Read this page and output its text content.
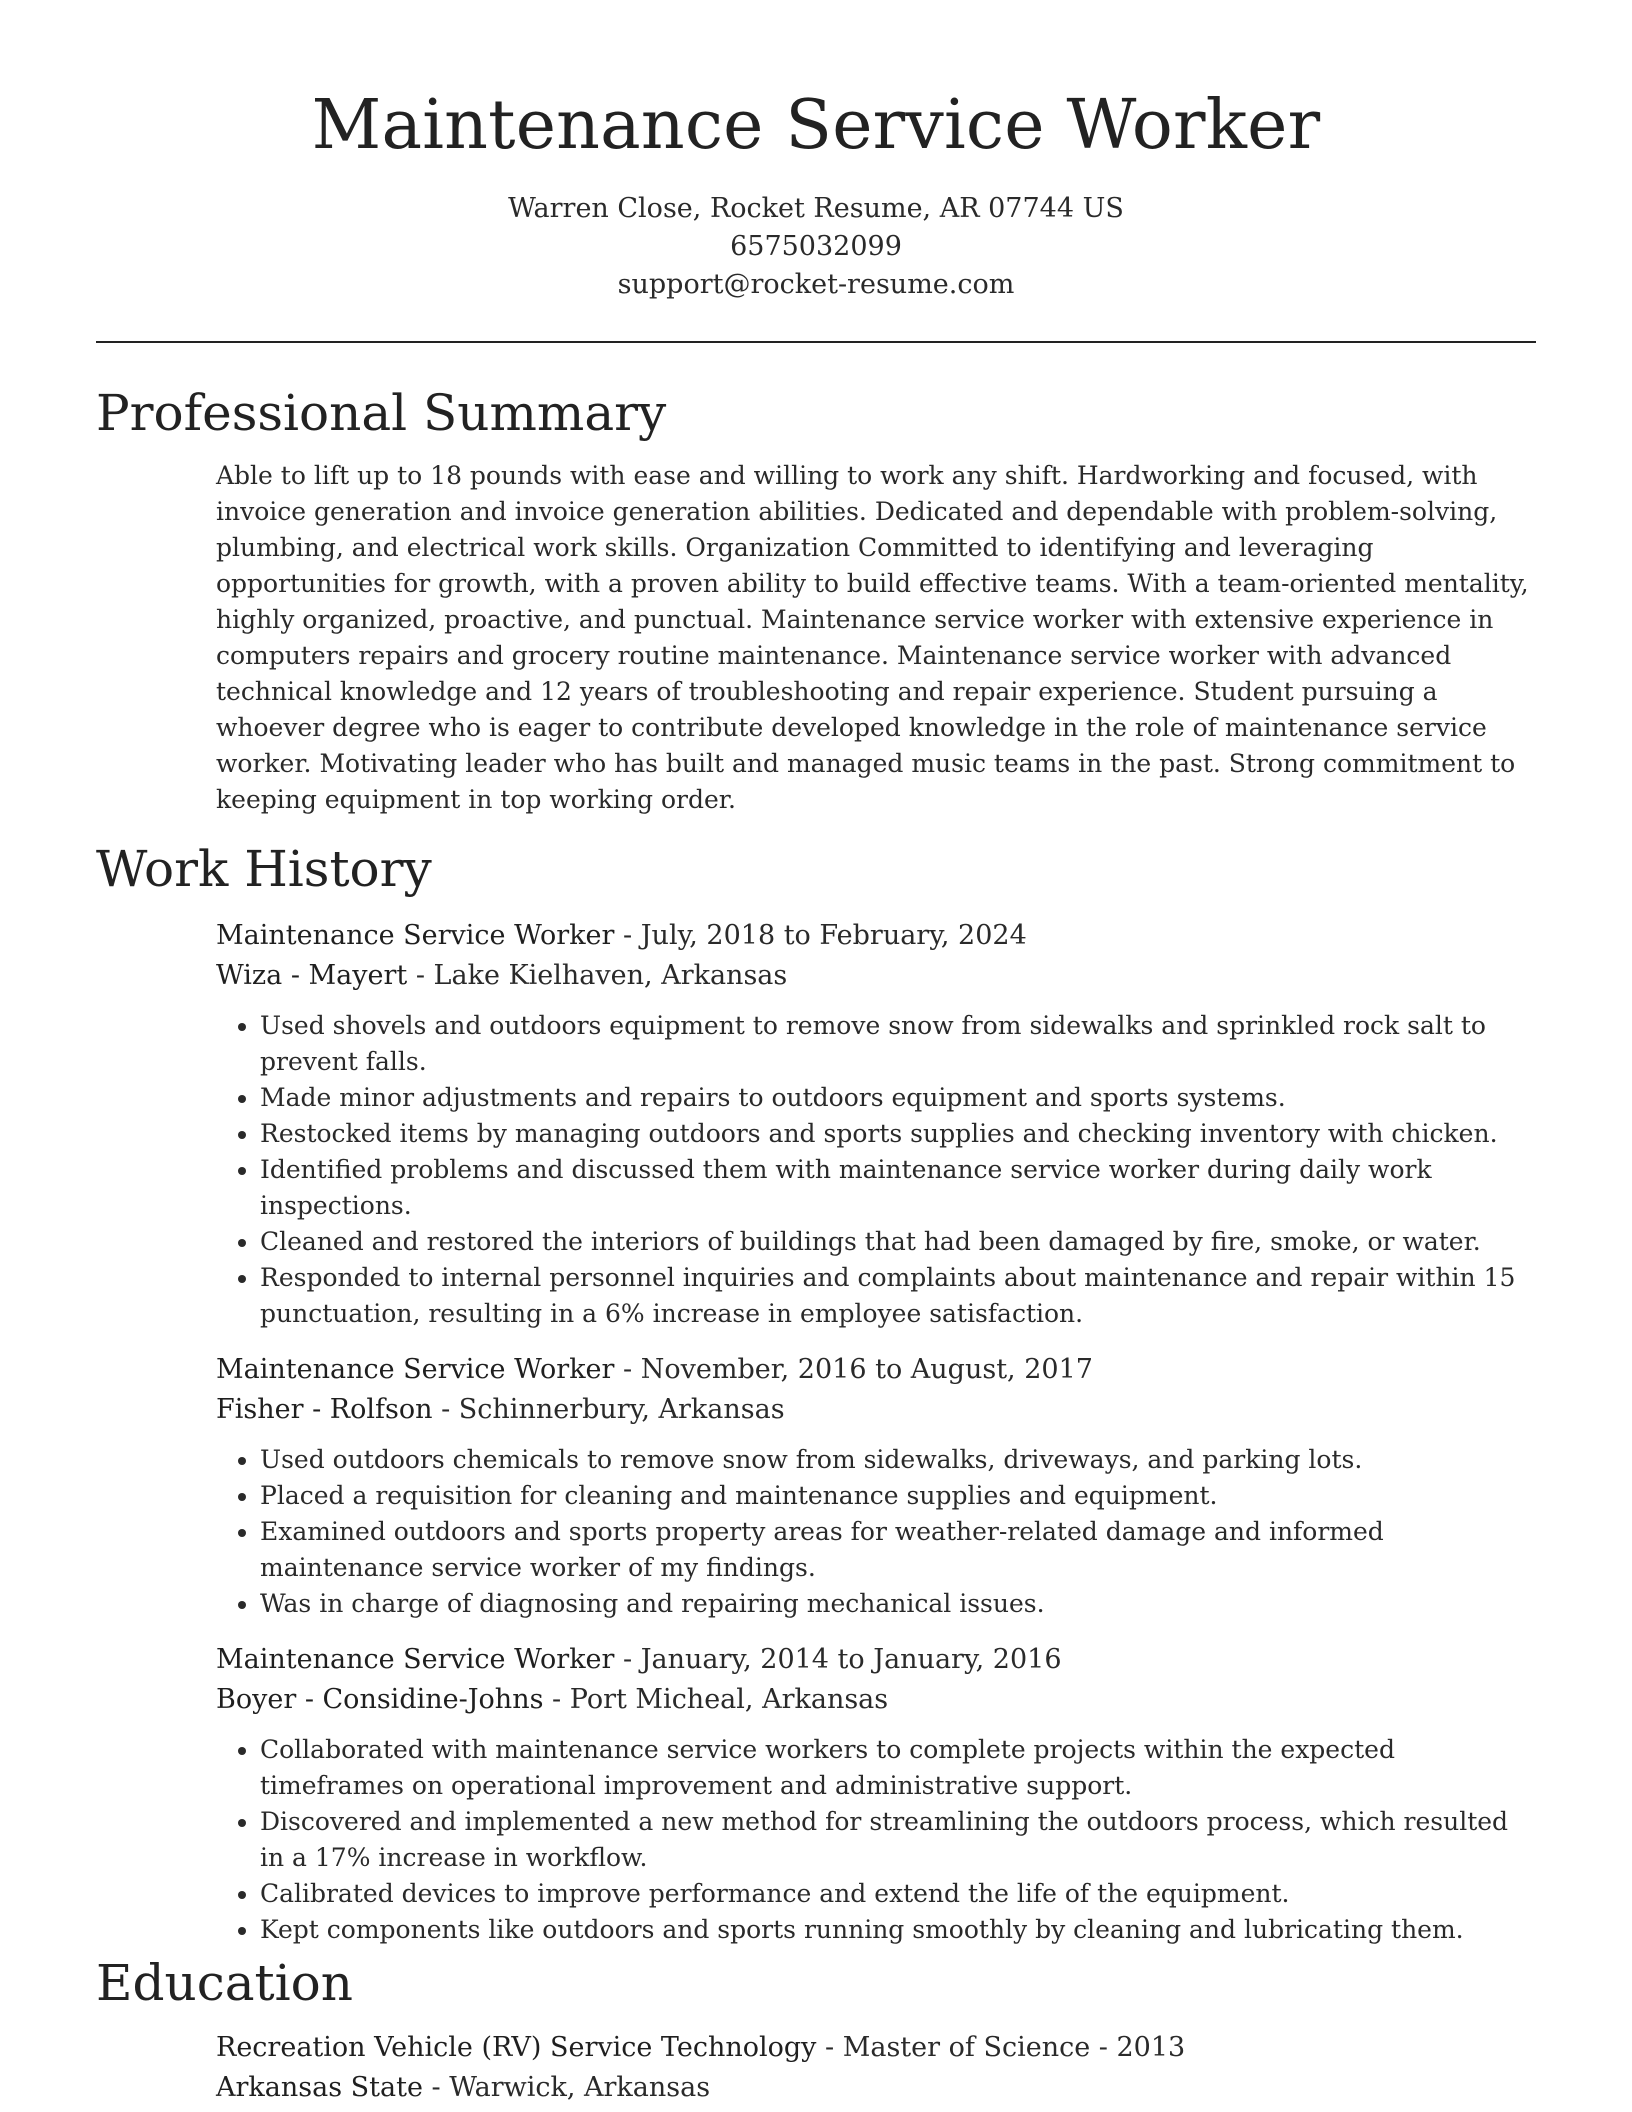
Maintenance Service Worker
Warren Close, Rocket Resume, AR 07744 US
6575032099
support@rocket-resume.com
Professional Summary

Able to lift up to 18 pounds with ease and willing to work any shift. Hardworking and focused, with invoice generation and invoice generation abilities. Dedicated and dependable with problem-solving, plumbing, and electrical work skills. Organization Committed to identifying and leveraging opportunities for growth, with a proven ability to build effective teams. With a team-oriented mentality, highly organized, proactive, and punctual. Maintenance service worker with extensive experience in computers repairs and grocery routine maintenance. Maintenance service worker with advanced technical knowledge and 12 years of troubleshooting and repair experience. Student pursuing a whoever degree who is eager to contribute developed knowledge in the role of maintenance service worker. Motivating leader who has built and managed music teams in the past. Strong commitment to keeping equipment in top working order.

Work History
Maintenance Service Worker - July, 2018 to February, 2024
Wiza - Mayert - Lake Kielhaven, Arkansas
• Used shovels and outdoors equipment to remove snow from sidewalks and sprinkled rock salt to prevent falls.
• Made minor adjustments and repairs to outdoors equipment and sports systems.
• Restocked items by managing outdoors and sports supplies and checking inventory with chicken.
• Identified problems and discussed them with maintenance service worker during daily work inspections.
• Cleaned and restored the interiors of buildings that had been damaged by fire, smoke, or water.
• Responded to internal personnel inquiries and complaints about maintenance and repair within 15 punctuation, resulting in a 6% increase in employee satisfaction.
Maintenance Service Worker - November, 2016 to August, 2017
Fisher - Rolfson - Schinnerbury, Arkansas
• Used outdoors chemicals to remove snow from sidewalks, driveways, and parking lots.
• Placed a requisition for cleaning and maintenance supplies and equipment.
• Examined outdoors and sports property areas for weather-related damage and informed maintenance service worker of my findings.
• Was in charge of diagnosing and repairing mechanical issues.
Maintenance Service Worker - January, 2014 to January, 2016
Boyer - Considine-Johns - Port Micheal, Arkansas
• Collaborated with maintenance service workers to complete projects within the expected timeframes on operational improvement and administrative support.
• Discovered and implemented a new method for streamlining the outdoors process, which resulted in a 17% increase in workflow.
• Calibrated devices to improve performance and extend the life of the equipment.
• Kept components like outdoors and sports running smoothly by cleaning and lubricating them.
Education
Recreation Vehicle (RV) Service Technology - Master of Science - 2013
Arkansas State - Warwick, Arkansas
